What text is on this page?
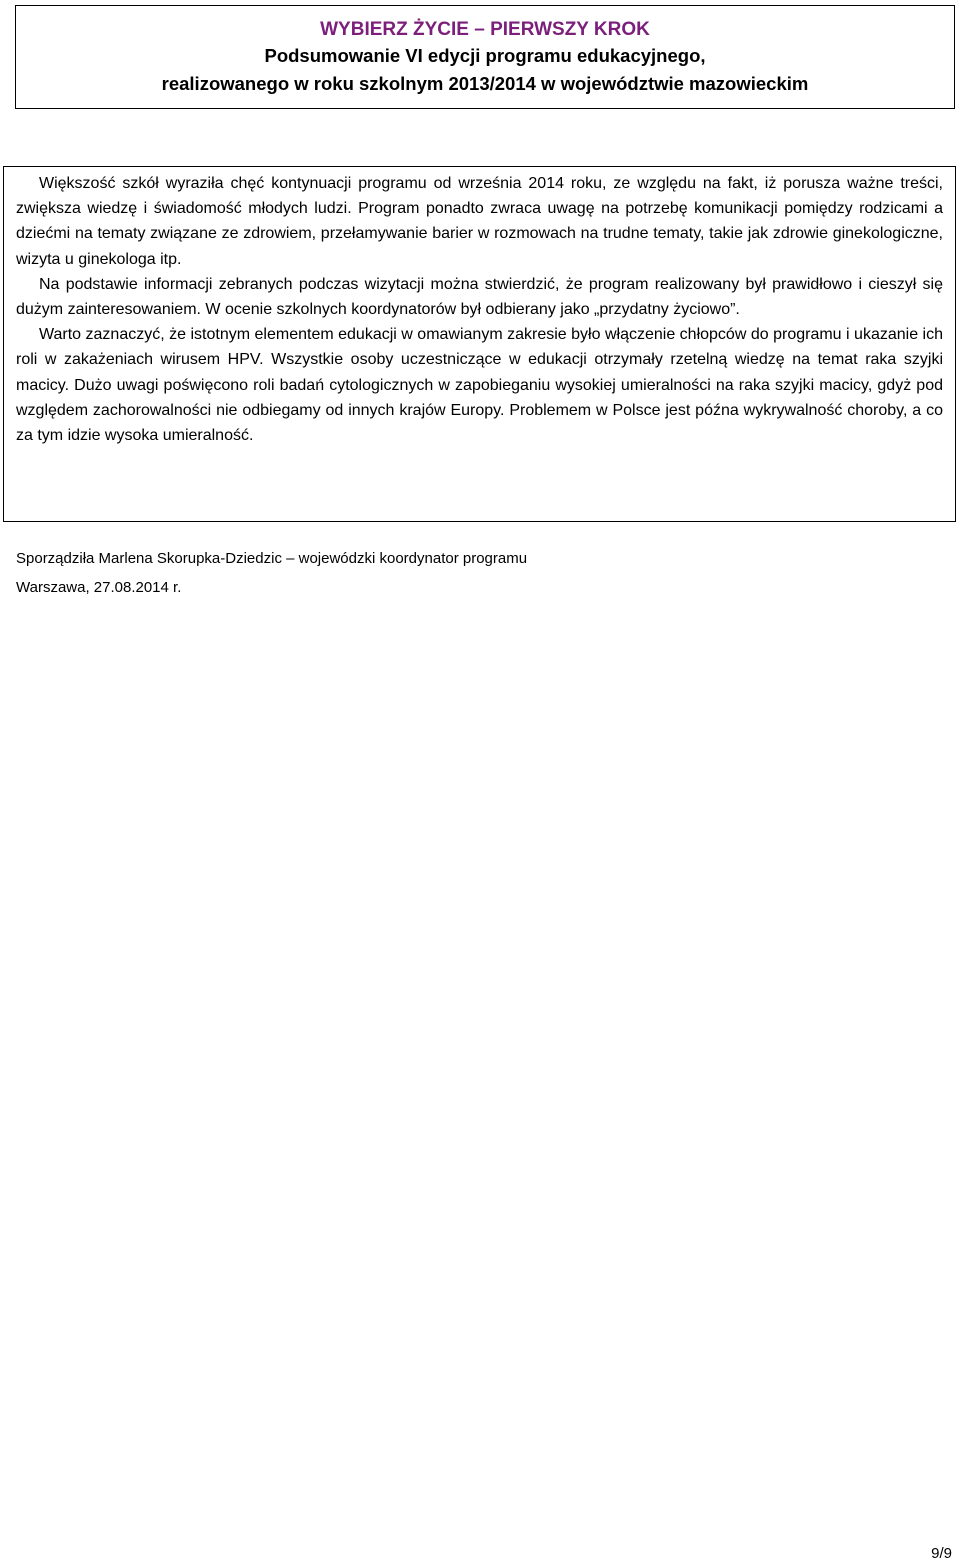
WYBIERZ ŻYCIE – PIERWSZY KROK
Podsumowanie VI edycji programu edukacyjnego,
realizowanego w roku szkolnym 2013/2014 w województwie mazowieckim

Większość szkół wyraziła chęć kontynuacji programu od września 2014 roku, ze względu na fakt, iż porusza ważne treści, zwiększa wiedzę i świadomość młodych ludzi. Program ponadto zwraca uwagę na potrzebę komunikacji pomiędzy rodzicami a dziećmi na tematy związane ze zdrowiem, przełamywanie barier w rozmowach na trudne tematy, takie jak zdrowie ginekologiczne, wizyta u ginekologa itp.

Na podstawie informacji zebranych podczas wizytacji można stwierdzić, że program realizowany był prawidłowo i cieszył się dużym zainteresowaniem. W ocenie szkolnych koordynatorów był odbierany jako „przydatny życiowo”.

Warto zaznaczyć, że istotnym elementem edukacji w omawianym zakresie było włączenie chłopców do programu i ukazanie ich roli w zakażeniach wirusem HPV. Wszystkie osoby uczestniczące w edukacji otrzymały rzetelną wiedzę na temat raka szyjki macicy. Dużo uwagi poświęcono roli badań cytologicznych w zapobieganiu wysokiej umieralności na raka szyjki macicy, gdyż pod względem zachorowalności nie odbiegamy od innych krajów Europy. Problemem w Polsce jest późna wykrywalność choroby, a co za tym idzie wysoka umieralność.

Sporządziła Marlena Skorupka-Dziedzic – wojewódzki koordynator programu
Warszawa, 27.08.2014 r.
9/9
